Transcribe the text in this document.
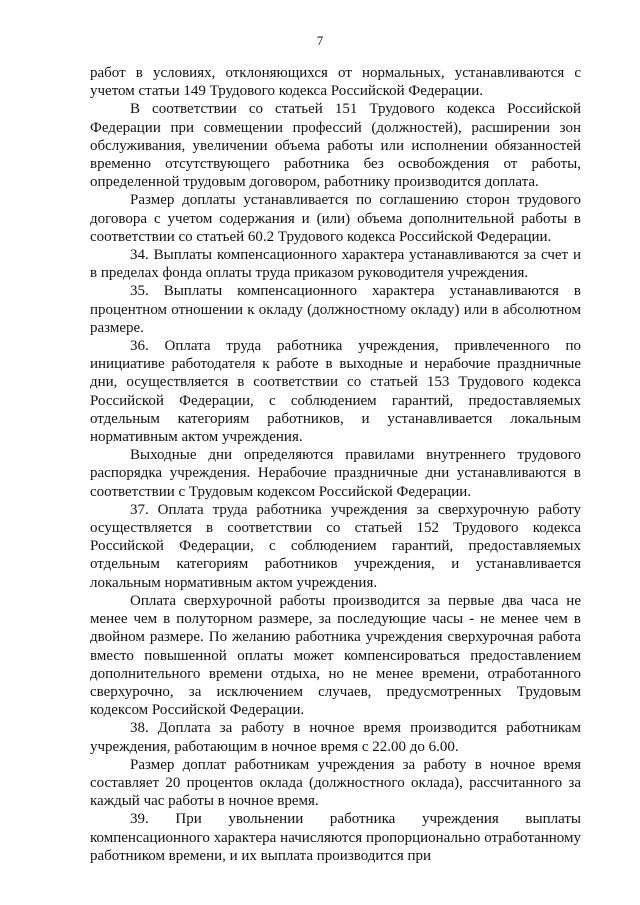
7

работ в условиях, отклоняющихся от нормальных, устанавливаются с учетом статьи 149 Трудового кодекса Российской Федерации.

В соответствии со статьей 151 Трудового кодекса Российской Федерации при совмещении профессий (должностей), расширении зон обслуживания, увеличении объема работы или исполнении обязанностей временно отсутствующего работника без освобождения от работы, определенной трудовым договором, работнику производится доплата.

Размер доплаты устанавливается по соглашению сторон трудового договора с учетом содержания и (или) объема дополнительной работы в соответствии со статьей 60.2 Трудового кодекса Российской Федерации.

34. Выплаты компенсационного характера устанавливаются за счет и в пределах фонда оплаты труда приказом руководителя учреждения.

35. Выплаты компенсационного характера устанавливаются в процентном отношении к окладу (должностному окладу) или в абсолютном размере.

36. Оплата труда работника учреждения, привлеченного по инициативе работодателя к работе в выходные и нерабочие праздничные дни, осуществляется в соответствии со статьей 153 Трудового кодекса Российской Федерации, с соблюдением гарантий, предоставляемых отдельным категориям работников, и устанавливается локальным нормативным актом учреждения.

Выходные дни определяются правилами внутреннего трудового распорядка учреждения. Нерабочие праздничные дни устанавливаются в соответствии с Трудовым кодексом Российской Федерации.

37. Оплата труда работника учреждения за сверхурочную работу осуществляется в соответствии со статьей 152 Трудового кодекса Российской Федерации, с соблюдением гарантий, предоставляемых отдельным категориям работников учреждения, и устанавливается локальным нормативным актом учреждения.

Оплата сверхурочной работы производится за первые два часа не менее чем в полуторном размере, за последующие часы - не менее чем в двойном размере. По желанию работника учреждения сверхурочная работа вместо повышенной оплаты может компенсироваться предоставлением дополнительного времени отдыха, но не менее времени, отработанного сверхурочно, за исключением случаев, предусмотренных Трудовым кодексом Российской Федерации.

38. Доплата за работу в ночное время производится работникам учреждения, работающим в ночное время с 22.00 до 6.00.

Размер доплат работникам учреждения за работу в ночное время составляет 20 процентов оклада (должностного оклада), рассчитанного за каждый час работы в ночное время.

39. При увольнении работника учреждения выплаты компенсационного характера начисляются пропорционально отработанному работником времени, и их выплата производится при
